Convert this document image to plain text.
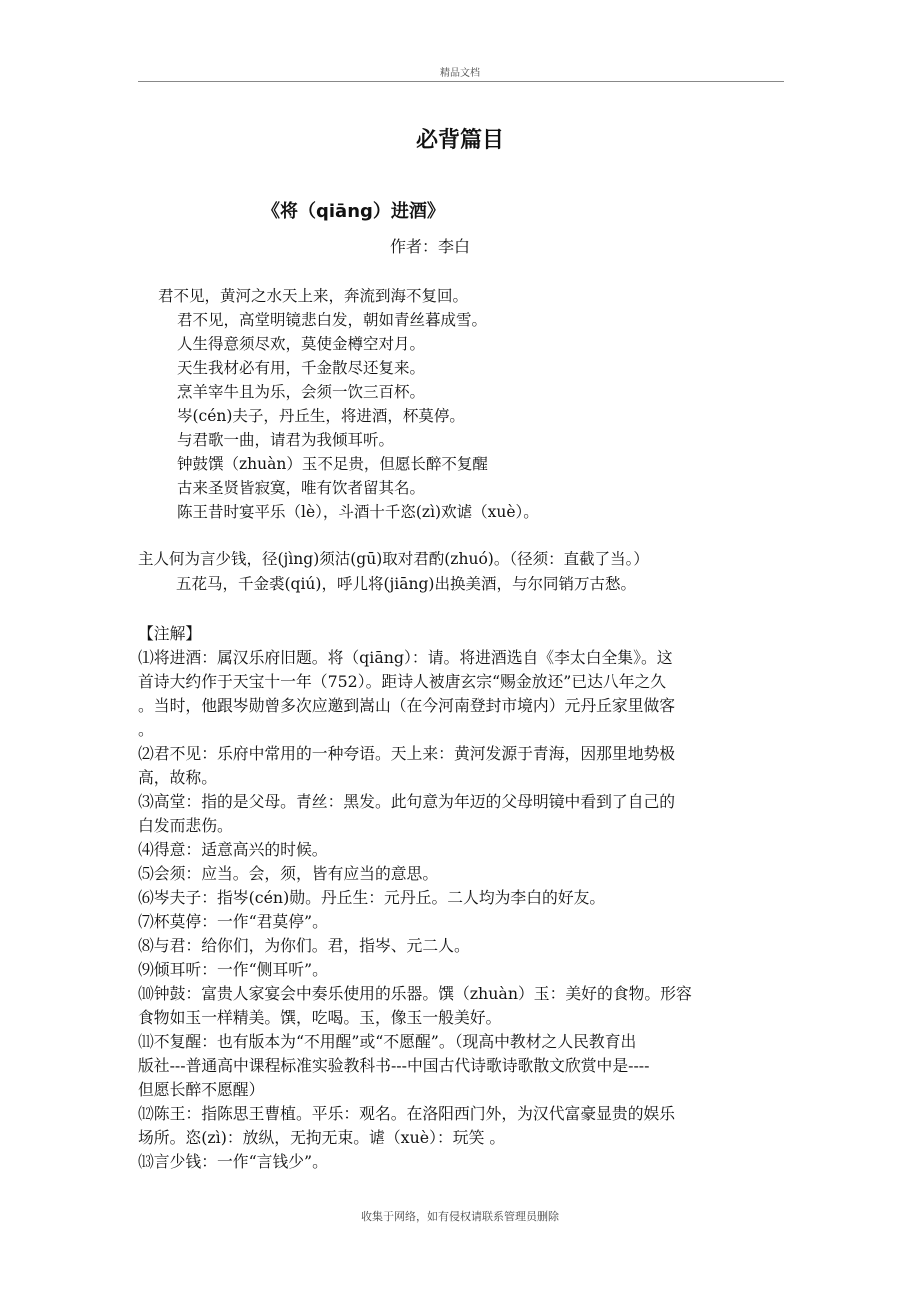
精品文档
必背篇目
《将（qiāng）进酒》
作者：李白
君不见，黄河之水天上来，奔流到海不复回。
君不见，高堂明镜悲白发，朝如青丝暮成雪。
人生得意须尽欢，莫使金樽空对月。
天生我材必有用，千金散尽还复来。
烹羊宰牛且为乐，会须一饮三百杯。
岑(cén)夫子，丹丘生，将进酒，杯莫停。
与君歌一曲，请君为我倾耳听。
钟鼓馔（zhuàn）玉不足贵，但愿长醉不复醒
古来圣贤皆寂寞，唯有饮者留其名。
陈王昔时宴平乐（lè），斗酒十千恣(zì)欢谑（xuè）。
主人何为言少钱，径(jìng)须沽(gū)取对君酌(zhuó)。（径须：直截了当。）
五花马，千金裘(qiú)，呼儿将(jiāng)出换美酒，与尔同销万古愁。
【注解】
⑴将进酒：属汉乐府旧题。将（qiāng）：请。将进酒选自《李太白全集》。这
首诗大约作于天宝十一年（752）。距诗人被唐玄宗“赐金放还”已达八年之久
。当时，他跟岑勋曾多次应邀到嵩山（在今河南登封市境内）元丹丘家里做客
。
⑵君不见：乐府中常用的一种夸语。天上来：黄河发源于青海，因那里地势极
高，故称。
⑶高堂：指的是父母。青丝：黑发。此句意为年迈的父母明镜中看到了自己的
白发而悲伤。
⑷得意：适意高兴的时候。
⑸会须：应当。会，须，皆有应当的意思。
⑹岑夫子：指岑(cén)勋。丹丘生：元丹丘。二人均为李白的好友。
⑺杯莫停：一作“君莫停”。
⑻与君：给你们，为你们。君，指岑、元二人。
⑼倾耳听：一作“侧耳听”。
⑽钟鼓：富贵人家宴会中奏乐使用的乐器。馔（zhuàn）玉：美好的食物。形容
食物如玉一样精美。馔，吃喝。玉，像玉一般美好。
⑾不复醒：也有版本为“不用醒”或“不愿醒”。（现高中教材之人民教育出
版社---普通高中课程标准实验教科书---中国古代诗歌诗歌散文欣赏中是----
但愿长醉不愿醒）
⑿陈王：指陈思王曹植。平乐：观名。在洛阳西门外，为汉代富豪显贵的娱乐
场所。恣(zì)：放纵，无拘无束。谑（xuè）：玩笑 。
⒀言少钱：一作“言钱少”。
收集于网络，如有侵权请联系管理员删除
